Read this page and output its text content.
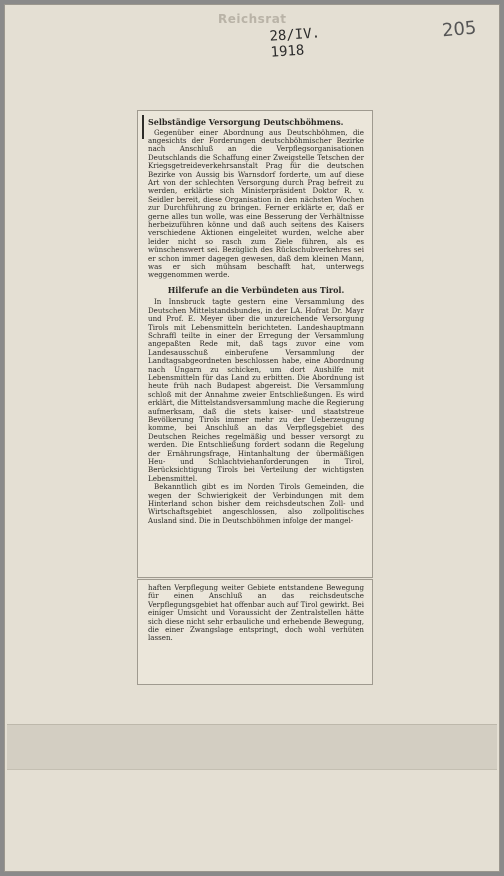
Reichsrat
28/IV. 1918
205
Selbständige Versorgung Deutschböhmens.

Gegenüber einer Abordnung aus Deutschböhmen, die angesichts der Forderungen deutschböhmischer Bezirke nach Anschluß an die Verpflegsorganisationen Deutschlands die Schaffung einer Zweigstelle Tetschen der Kriegsgetreideverkehrsanstalt Prag für die deutschen Bezirke von Aussig bis Warnsdorf forderte, um auf diese Art von der schlechten Versorgung durch Prag befreit zu werden, erklärte sich Ministerpräsident Doktor R. v. Seidler bereit, diese Organisation in den nächsten Wochen zur Durchführung zu bringen. Ferner erklärte er, daß er gerne alles tun wolle, was eine Besserung der Verhältnisse herbeizuführen könne und daß auch seitens des Kaisers verschiedene Aktionen eingeleitet wurden, welche aber leider nicht so rasch zum Ziele führen, als es wünschenswert sei. Bezüglich des Rückschubverkehres sei er schon immer dagegen gewesen, daß dem kleinen Mann, was er sich mühsam beschafft hat, unterwegs weggenommen werde.

Hilferufe an die Verbündeten aus Tirol.

In Innsbruck tagte gestern eine Versammlung des Deutschen Mittelstandsbundes, in der LA. Hofrat Dr. Mayr und Prof. E. Meyer über die unzureichende Versorgung Tirols mit Lebensmitteln berichteten. Landeshauptmann Schraffl teilte in einer der Erregung der Versammlung angepaßten Rede mit, daß tags zuvor eine vom Landesausschuß einberufene Versammlung der Landtagsabgeordneten beschlossen habe, eine Abordnung nach Ungarn zu schicken, um dort Aushilfe mit Lebensmitteln für das Land zu erbitten. Die Abordnung ist heute früh nach Budapest abgereist. Die Versammlung schloß mit der Annahme zweier Entschließungen. Es wird erklärt, die Mittelstandsversammlung mache die Regierung aufmerksam, daß die stets kaiser- und staatstreue Bevölkerung Tirols immer mehr zu der Ueberzeugung komme, bei Anschluß an das Verpflegsgebiet des Deutschen Reiches regelmäßig und besser versorgt zu werden. Die Entschließung fordert sodann die Regelung der Ernährungsfrage, Hintanhaltung der übermäßigen Heu- und Schlachtviehanforderungen in Tirol, Berücksichtigung Tirols bei Verteilung der wichtigsten Lebensmittel.

Bekanntlich gibt es im Norden Tirols Gemeinden, die wegen der Schwierigkeit der Verbindungen mit dem Hinterland schon bisher dem reichsdeutschen Zoll- und Wirtschaftsgebiet angeschlossen, also zollpolitisches Ausland sind. Die in Deutschböhmen infolge der mangel-

haften Verpflegung weiter Gebiete entstandene Bewegung für einen Anschluß an das reichsdeutsche Verpflegungsgebiet hat offenbar auch auf Tirol gewirkt. Bei einiger Umsicht und Voraussicht der Zentralstellen hätte sich diese nicht sehr erbauliche und erhebende Bewegung, die einer Zwangslage entspringt, doch wohl verhüten lassen.
